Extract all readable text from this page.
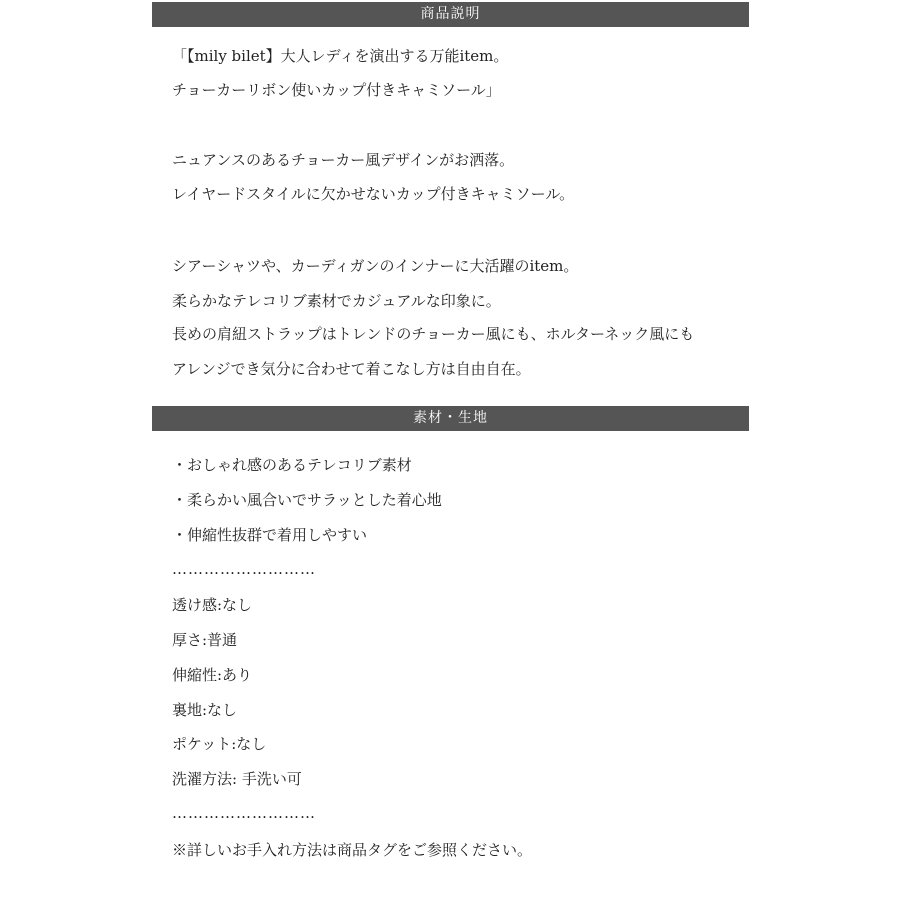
商品説明
「【mily bilet】大人レディを演出する万能item。
チョーカーリボン使いカップ付きキャミソール」
ニュアンスのあるチョーカー風デザインがお洒落。
レイヤードスタイルに欠かせないカップ付きキャミソール。
シアーシャツや、カーディガンのインナーに大活躍のitem。
柔らかなテレコリブ素材でカジュアルな印象に。
長めの肩紐ストラップはトレンドのチョーカー風にも、ホルターネック風にも
アレンジでき気分に合わせて着こなし方は自由自在。
素材・生地
・おしゃれ感のあるテレコリブ素材
・柔らかい風合いでサラッとした着心地
・伸縮性抜群で着用しやすい
………………………
透け感:なし
厚さ:普通
伸縮性:あり
裏地:なし
ポケット:なし
洗濯方法: 手洗い可
………………………
※詳しいお手入れ方法は商品タグをご参照ください。
